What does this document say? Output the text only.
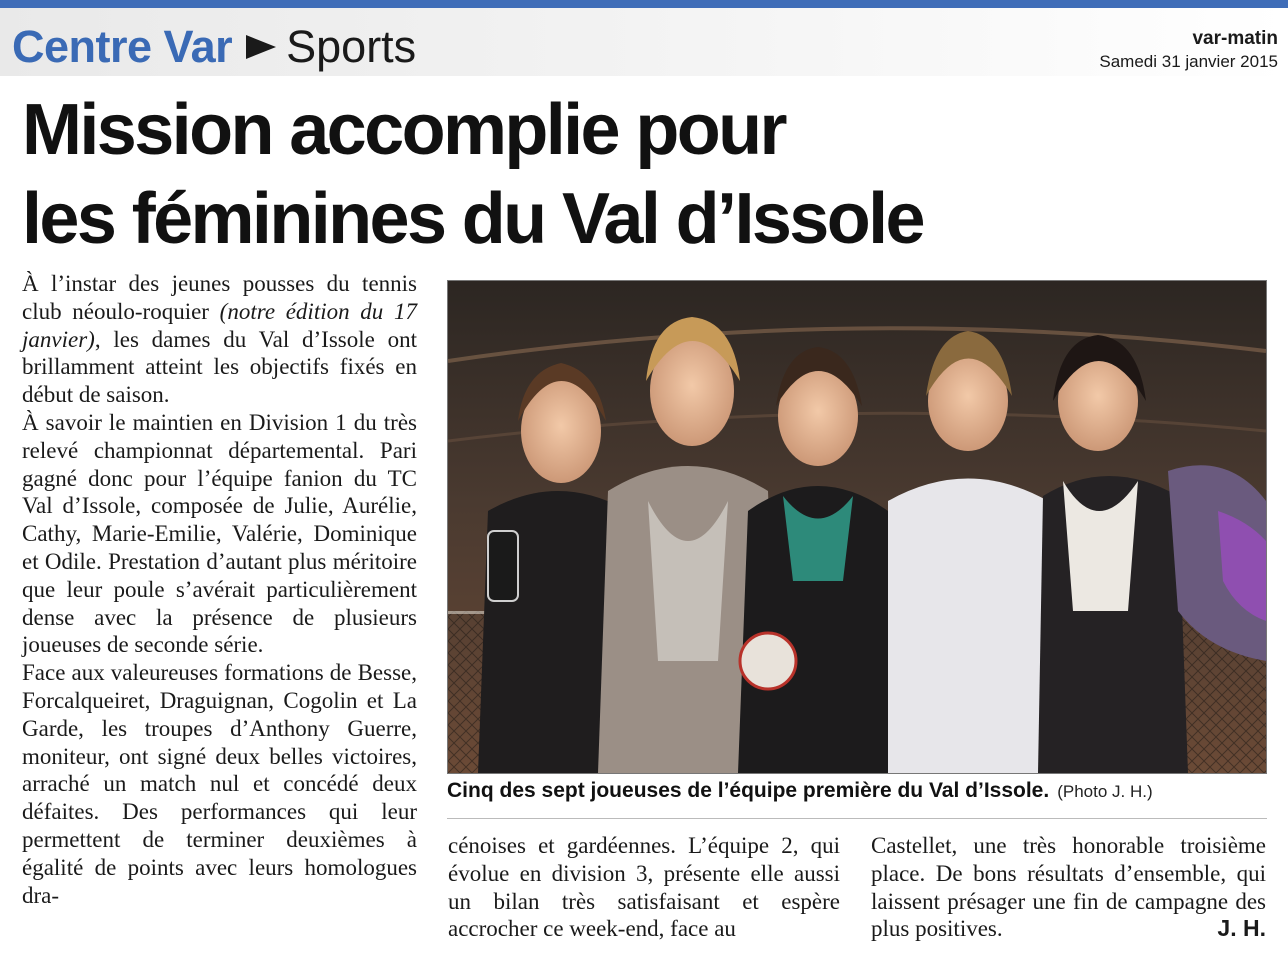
Centre Var Sports	var-matin
Samedi 31 janvier 2015
Mission accomplie pour
les féminines du Val d’Issole

À l’instar des jeunes pousses du tennis club néoulo-roquier (notre édition du 17 janvier), les dames du Val d’Issole ont brillamment atteint les objectifs fixés en début de saison.

À savoir le maintien en Division 1 du très relevé championnat départemental. Pari gagné donc pour l’équipe fanion du TC Val d’Issole, composée de Julie, Aurélie, Cathy, Marie-Emilie, Valérie, Dominique et Odile. Prestation d’autant plus méritoire que leur poule s’avérait particulièrement dense avec la présence de plusieurs joueuses de seconde série.

Face aux valeureuses formations de Besse, Forcalqueiret, Draguignan, Cogolin et La Garde, les troupes d’Anthony Guerre, moniteur, ont signé deux belles victoires, arraché un match nul et concédé deux défaites. Des performances qui leur permettent de terminer deuxièmes à égalité de points avec leurs homologues dra-

Cinq des sept joueuses de l’équipe première du Val d’Issole. (Photo J. H.)

cénoises et gardéennes. L’équipe 2, qui évolue en division 3, présente elle aussi un bilan très satisfaisant et espère accrocher ce week-end, face au

Castellet, une très honorable troisième place. De bons résultats d’ensemble, qui laissent présager une fin de campagne des plus positives.	J. H.
